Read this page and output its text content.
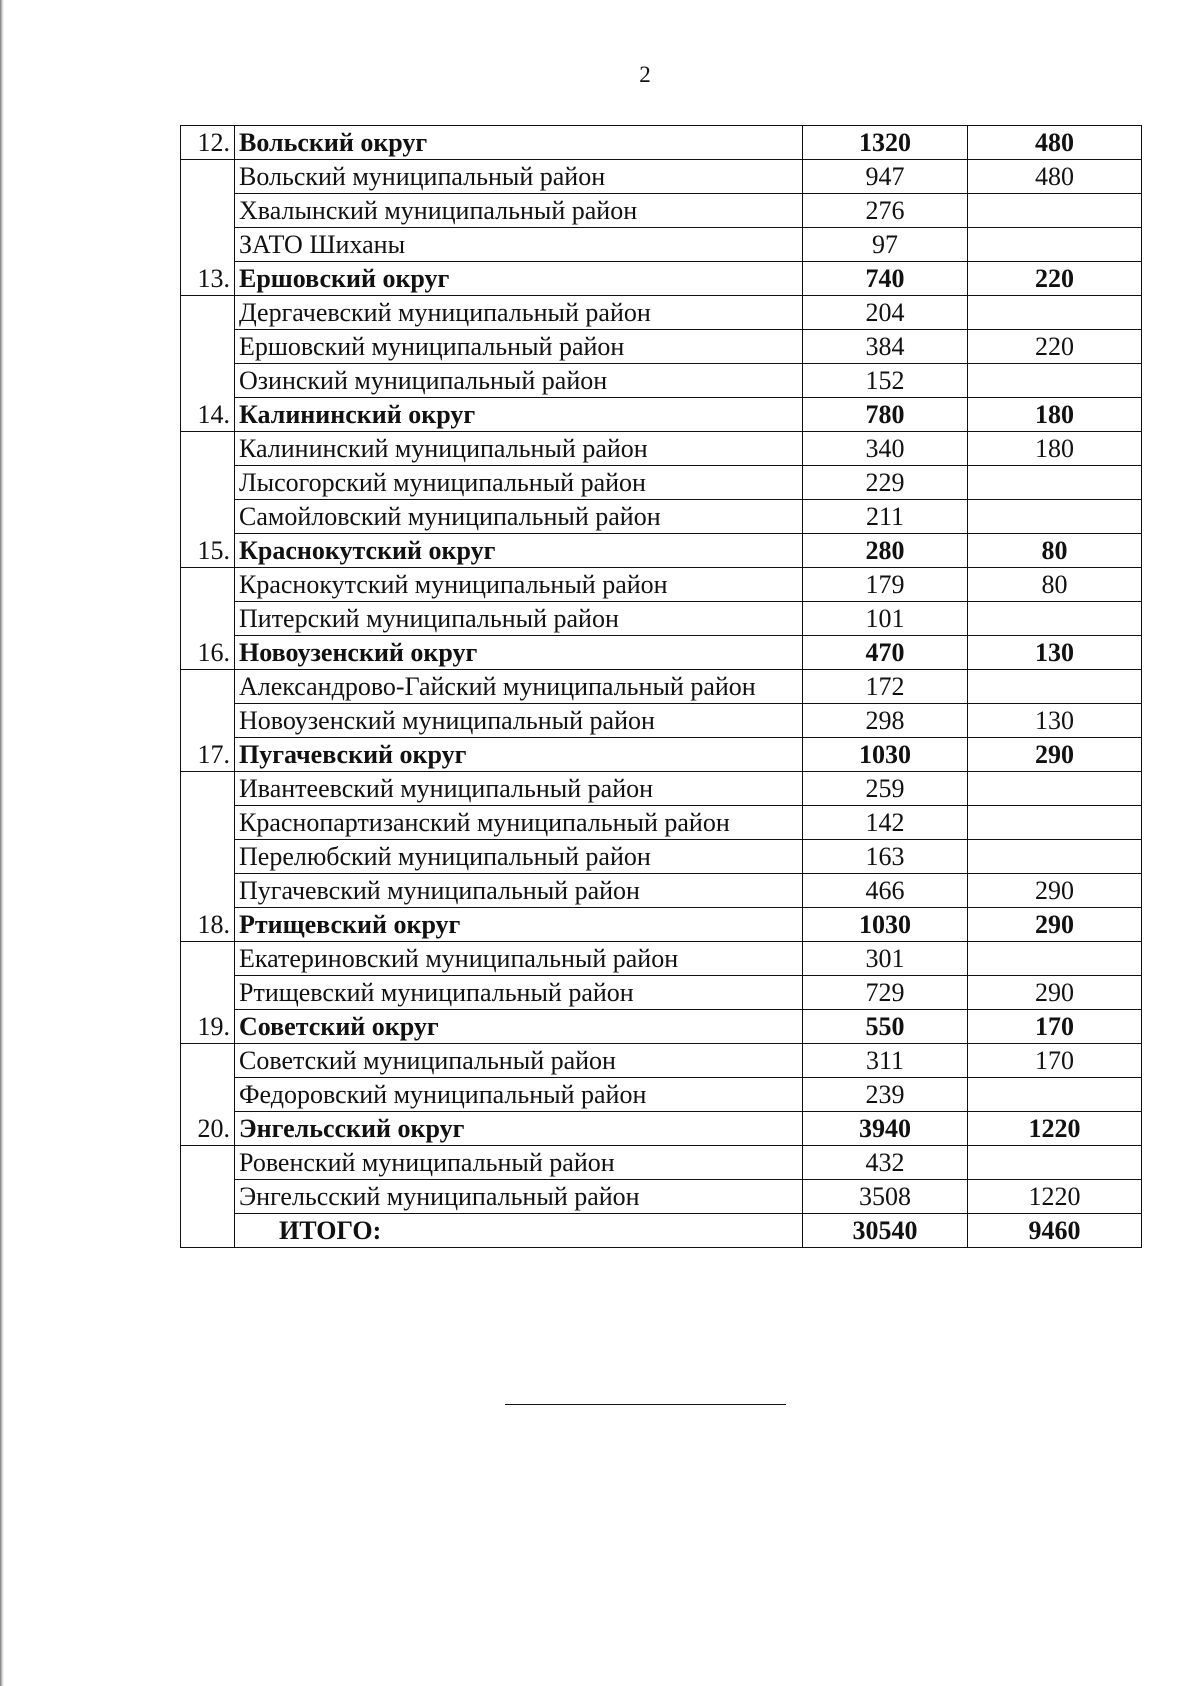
2
12.	Вольский округ	1320	480
	Вольский муниципальный район	947	480
	Хвалынский муниципальный район	276	
	ЗАТО Шиханы	97	
13.	Ершовский округ	740	220
	Дергачевский муниципальный район	204	
	Ершовский муниципальный район	384	220
	Озинский муниципальный район	152	
14.	Калининский округ	780	180
	Калининский муниципальный район	340	180
	Лысогорский муниципальный район	229	
	Самойловский муниципальный район	211	
15.	Краснокутский округ	280	80
	Краснокутский муниципальный район	179	80
	Питерский муниципальный район	101	
16.	Новоузенский округ	470	130
	Александрово-Гайский муниципальный район	172	
	Новоузенский муниципальный район	298	130
17.	Пугачевский округ	1030	290
	Ивантеевский муниципальный район	259	
	Краснопартизанский муниципальный район	142	
	Перелюбский муниципальный район	163	
	Пугачевский муниципальный район	466	290
18.	Ртищевский округ	1030	290
	Екатериновский муниципальный район	301	
	Ртищевский муниципальный район	729	290
19.	Советский округ	550	170
	Советский муниципальный район	311	170
	Федоровский муниципальный район	239	
20.	Энгельсский округ	3940	1220
	Ровенский муниципальный район	432	
	Энгельсский муниципальный район	3508	1220
	ИТОГО:	30540	9460
